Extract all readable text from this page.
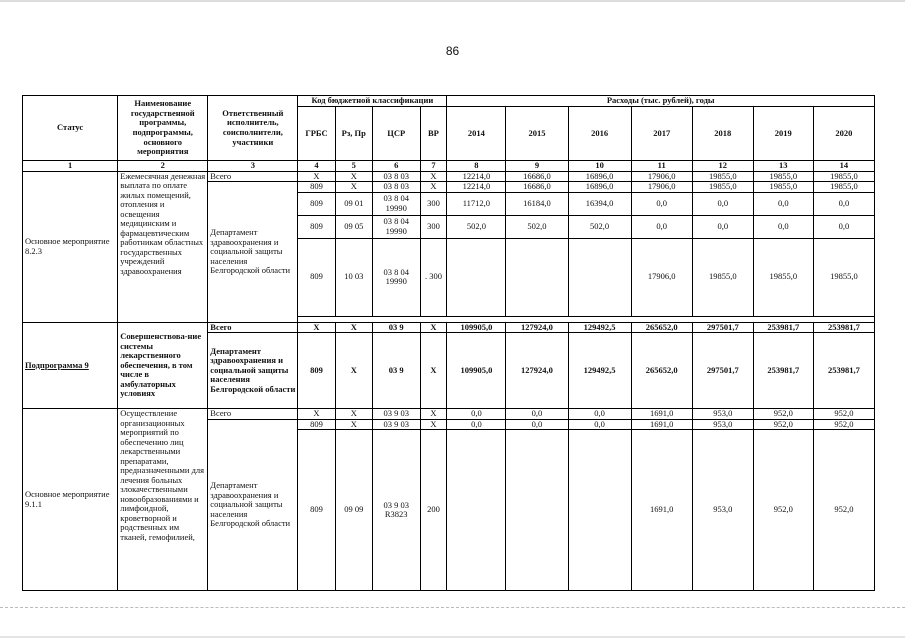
86
Статус	Наименование государственной программы, подпрограммы, основного мероприятия	Ответственный исполнитель, соисполнители, участники	Код бюджетной классификации				Расходы (тыс. рублей), годы						
			ГРБС	Рз, Пр	ЦСР	ВР	2014	2015	2016	2017	2018	2019	2020
1	2	3	4	5	6	7	8	9	10	11	12	13	14
Основное мероприятие 8.2.3	Ежемесячная денежная выплата по оплате жилых помещений, отопления и освещения медицинским и фармацевтическим работникам областных государственных учреждений здравоохранения	Всего	Х	Х	03 8 03	Х	12214,0	16686,0	16896,0	17906,0	19855,0	19855,0	19855,0
		Департамент здравоохранения и социальной защиты населения Белгородской области	809	Х	03 8 03	Х	12214,0	16686,0	16896,0	17906,0	19855,0	19855,0	19855,0
			809	09 01	03 8 04 19990	300	11712,0	16184,0	16394,0	0,0	0,0	0,0	0,0
			809	09 05	03 8 04 19990	300	502,0	502,0	502,0	0,0	0,0	0,0	0,0
			809	10 03	03 8 04 19990	. 300				17906,0	19855,0	19855,0	19855,0

Подпрограмма 9	Совершенствова-ние системы лекарственного обеспечения, в том числе в амбулаторных условиях	Всего	Х	Х	03 9	Х	109905,0	127924,0	129492,5	265652,0	297501,7	253981,7	253981,7
		Департамент здравоохранения и социальной защиты населения Белгородской области	809	Х	03 9	Х	109905,0	127924,0	129492,5	265652,0	297501,7	253981,7	253981,7
Основное мероприятие 9.1.1	Осуществление организационных мероприятий по обеспечению лиц лекарственными препаратами, предназначенными для лечения больных злокачественными новообразованиями и лимфоидной, кроветворной и родственных им тканей, гемофилией,	Всего	Х	Х	03 9 03	Х	0,0	0,0	0,0	1691,0	953,0	952,0	952,0
		Департамент здравоохранения и социальной защиты населения Белгородской области	809	Х	03 9 03	Х	0,0	0,0	0,0	1691,0	953,0	952,0	952,0
			809	09 09	03 9 03 R3823	200				1691,0	953,0	952,0	952,0
